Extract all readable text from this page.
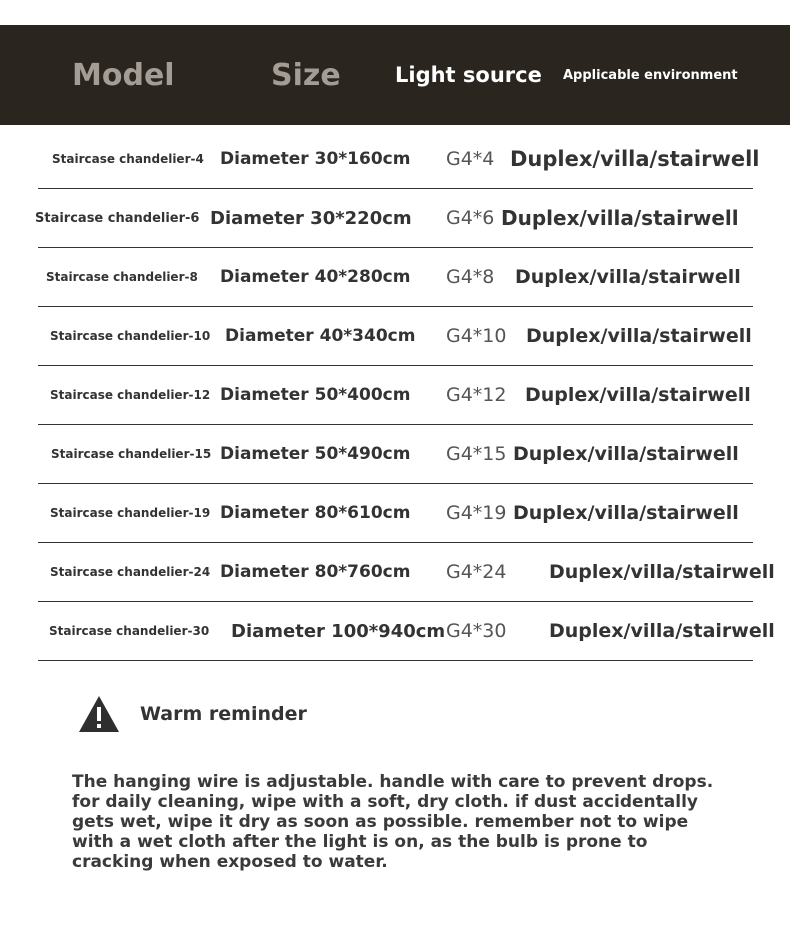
Model	Size	Light source Applicable environment
Staircase chandelier-4 Diameter 30*160cm G4*4 Duplex/villa/stairwell
Staircase chandelier-6 Diameter 30*220cm G4*6 Duplex/villa/stairwell
Staircase chandelier-8 Diameter 40*280cm G4*8 Duplex/villa/stairwell
Staircase chandelier-10 Diameter 40*340cm G4*10 Duplex/villa/stairwell
Staircase chandelier-12 Diameter 50*400cm G4*12 Duplex/villa/stairwell
Staircase chandelier-15 Diameter 50*490cm G4*15 Duplex/villa/stairwell
Staircase chandelier-19 Diameter 80*610cm G4*19 Duplex/villa/stairwell
Staircase chandelier-24 Diameter 80*760cm G4*24 Duplex/villa/stairwell
Staircase chandelier-30 Diameter 100*940cm G4*30 Duplex/villa/stairwell
Warm reminder

The hanging wire is adjustable. handle with care to prevent drops. for daily cleaning, wipe with a soft, dry cloth. if dust accidentally gets wet, wipe it dry as soon as possible. remember not to wipe with a wet cloth after the light is on, as the bulb is prone to cracking when exposed to water.
